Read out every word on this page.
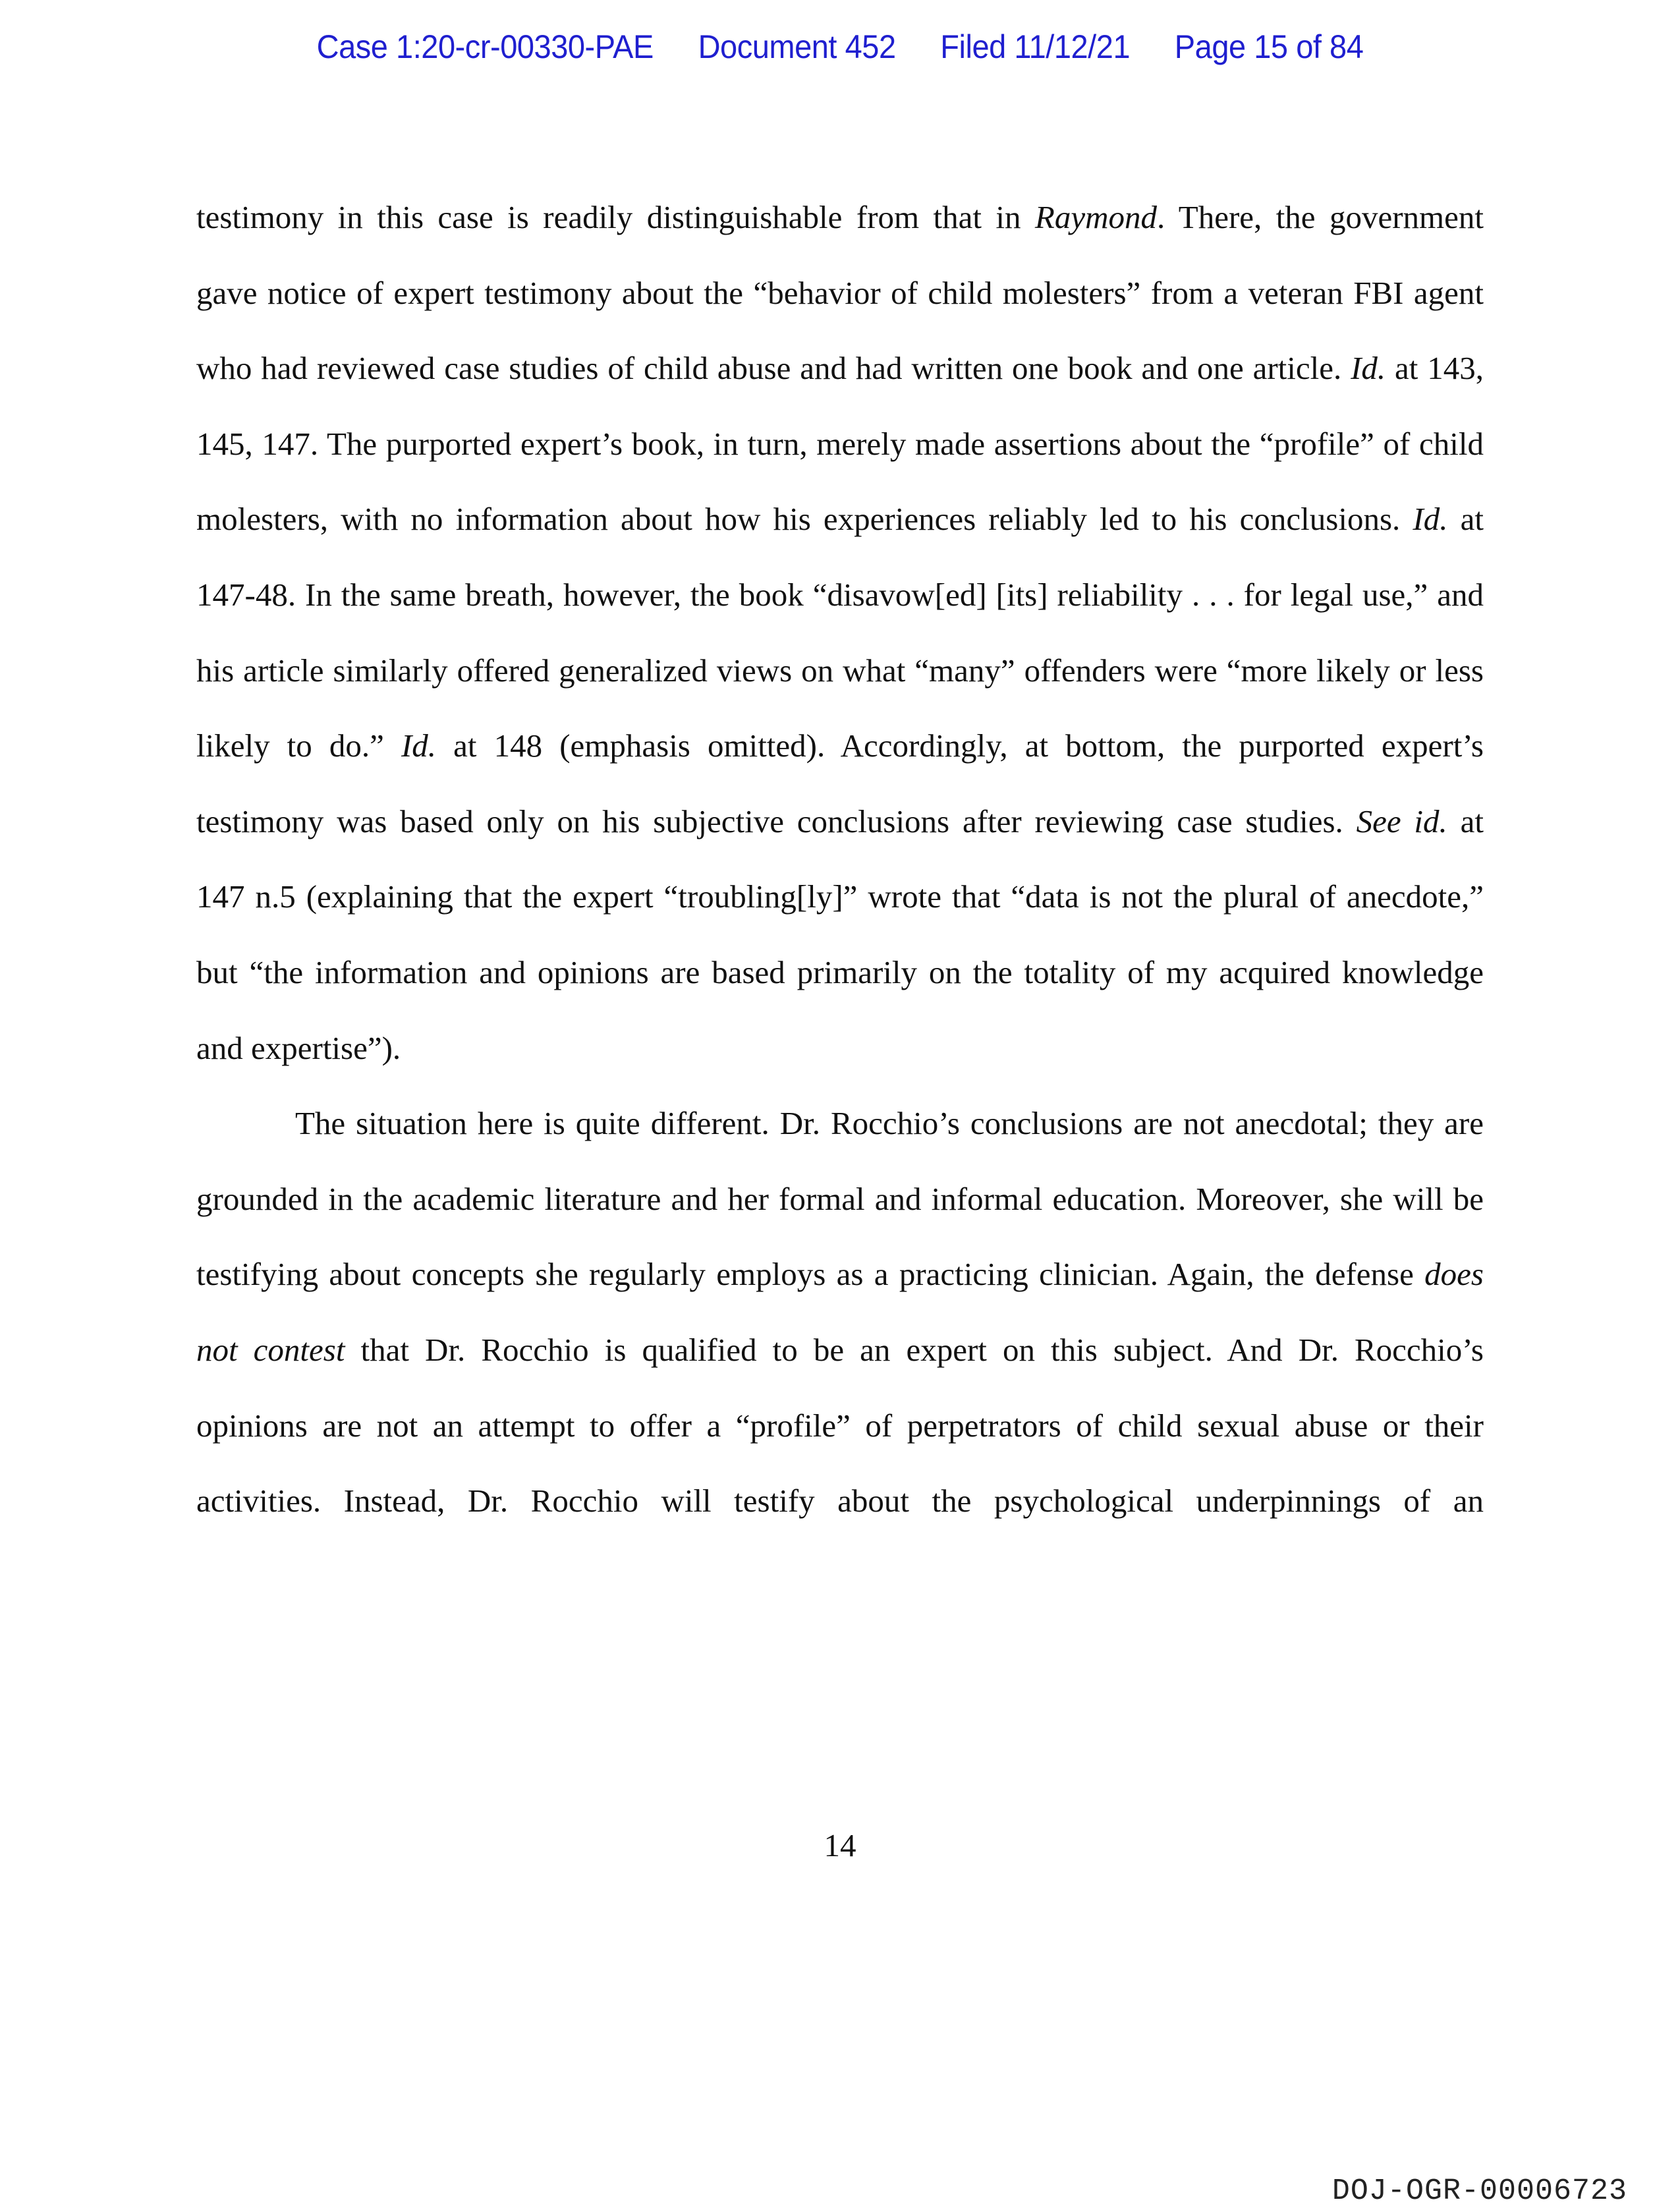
Case 1:20-cr-00330-PAE Document 452 Filed 11/12/21 Page 15 of 84
testimony in this case is readily distinguishable from that in Raymond. There, the government
gave notice of expert testimony about the “behavior of child molesters” from a veteran FBI agent
who had reviewed case studies of child abuse and had written one book and one article. Id. at 143,
145, 147. The purported expert’s book, in turn, merely made assertions about the “profile” of child
molesters, with no information about how his experiences reliably led to his conclusions. Id. at
147-48. In the same breath, however, the book “disavow[ed] [its] reliability . . . for legal use,” and
his article similarly offered generalized views on what “many” offenders were “more likely or less
likely to do.” Id. at 148 (emphasis omitted). Accordingly, at bottom, the purported expert’s
testimony was based only on his subjective conclusions after reviewing case studies. See id. at
147 n.5 (explaining that the expert “troubling[ly]” wrote that “data is not the plural of anecdote,”
but “the information and opinions are based primarily on the totality of my acquired knowledge
and expertise”).
The situation here is quite different. Dr. Rocchio’s conclusions are not anecdotal; they are
grounded in the academic literature and her formal and informal education. Moreover, she will be
testifying about concepts she regularly employs as a practicing clinician. Again, the defense does
not contest that Dr. Rocchio is qualified to be an expert on this subject. And Dr. Rocchio’s
opinions are not an attempt to offer a “profile” of perpetrators of child sexual abuse or their
activities. Instead, Dr. Rocchio will testify about the psychological underpinnings of an
14
DOJ-OGR-00006723
